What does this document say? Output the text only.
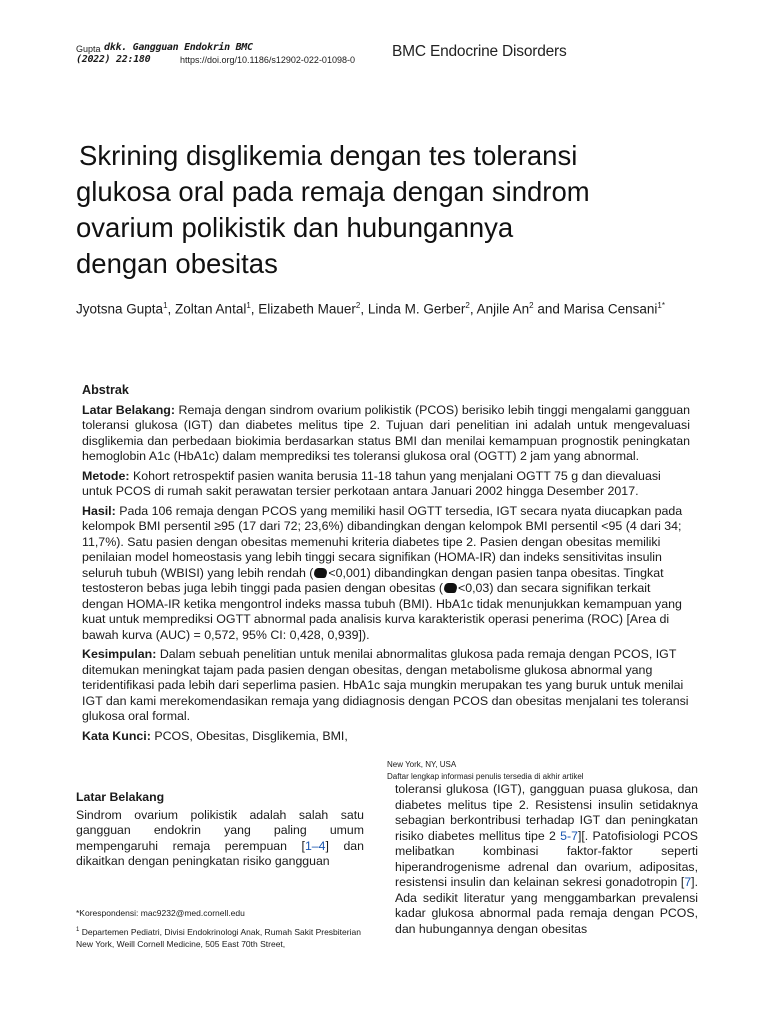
Gupta dkk. Gangguan Endokrin BMC
(2022) 22:180	https://doi.org/10.1186/s12902-022-01098-0 BMC Endocrine Disorders
Skrining disglikemia dengan tes toleransi
glukosa oral pada remaja dengan sindrom
ovarium polikistik dan hubungannya
dengan obesitas
Jyotsna Gupta$^1$, Zoltan Antal$^1$, Elizabeth Mauer$^2$, Linda M. Gerber$^2$, Anjile An$^2$ and Marisa Censani$^{1*}$
Abstrak

Latar Belakang: Remaja dengan sindrom ovarium polikistik (PCOS) berisiko lebih tinggi mengalami gangguan toleransi glukosa (IGT) dan diabetes melitus tipe 2. Tujuan dari penelitian ini adalah untuk mengevaluasi disglikemia dan perbedaan biokimia berdasarkan status BMI dan menilai kemampuan prognostik peningkatan hemoglobin A1c (HbA1c) dalam memprediksi tes toleransi glukosa oral (OGTT) 2 jam yang abnormal.

Metode: Kohort retrospektif pasien wanita berusia 11-18 tahun yang menjalani OGTT 75 g dan dievaluasi untuk PCOS di rumah sakit perawatan tersier perkotaan antara Januari 2002 hingga Desember 2017.

Hasil: Pada 106 remaja dengan PCOS yang memiliki hasil OGTT tersedia, IGT secara nyata diucapkan pada kelompok BMI persentil ≥95 (17 dari 72; 23,6%) dibandingkan dengan kelompok BMI persentil <95 (4 dari 34; 11,7%). Satu pasien dengan obesitas memenuhi kriteria diabetes tipe 2. Pasien dengan obesitas memiliki penilaian model homeostasis yang lebih tinggi secara signifikan (HOMA-IR) dan indeks sensitivitas insulin seluruh tubuh (WBISI) yang lebih rendah ( <0,001) dibandingkan dengan pasien tanpa obesitas. Tingkat testosteron bebas juga lebih tinggi pada pasien dengan obesitas ( <0,03) dan secara signifikan terkait dengan HOMA-IR ketika mengontrol indeks massa tubuh (BMI). HbA1c tidak menunjukkan kemampuan yang kuat untuk memprediksi OGTT abnormal pada analisis kurva karakteristik operasi penerima (ROC) [Area di bawah kurva (AUC) = 0,572, 95% CI: 0,428, 0,939]).

Kesimpulan: Dalam sebuah penelitian untuk menilai abnormalitas glukosa pada remaja dengan PCOS, IGT ditemukan meningkat tajam pada pasien dengan obesitas, dengan metabolisme glukosa abnormal yang teridentifikasi pada lebih dari seperlima pasien. HbA1c saja mungkin merupakan tes yang buruk untuk menilai IGT dan kami merekomendasikan remaja yang didiagnosis dengan PCOS dan obesitas menjalani tes toleransi glukosa oral formal.

Kata Kunci: PCOS, Obesitas, Disglikemia, BMI,

New York, NY, USA
Daftar lengkap informasi penulis tersedia di akhir artikel
Latar Belakang

Sindrom ovarium polikistik adalah salah satu gangguan endokrin yang paling umum mempengaruhi remaja perempuan [1–4] dan dikaitkan dengan peningkatan risiko gangguan

toleransi glukosa (IGT), gangguan puasa glukosa, dan diabetes melitus tipe 2. Resistensi insulin setidaknya sebagian berkontribusi terhadap IGT dan peningkatan risiko diabetes mellitus tipe 2 5-7][. Patofisiologi PCOS melibatkan kombinasi faktor-faktor seperti hiperandrogenisme adrenal dan ovarium, adipositas, resistensi insulin dan kelainan sekresi gonadotropin [7]. Ada sedikit literatur yang menggambarkan prevalensi kadar glukosa abnormal pada remaja dengan PCOS, dan hubungannya dengan obesitas

*Korespondensi: mac9232@med.cornell.edu
$^1$ Departemen Pediatri, Divisi Endokrinologi Anak, Rumah Sakit Presbiterian New York, Weill Cornell Medicine, 505 East 70th Street,
